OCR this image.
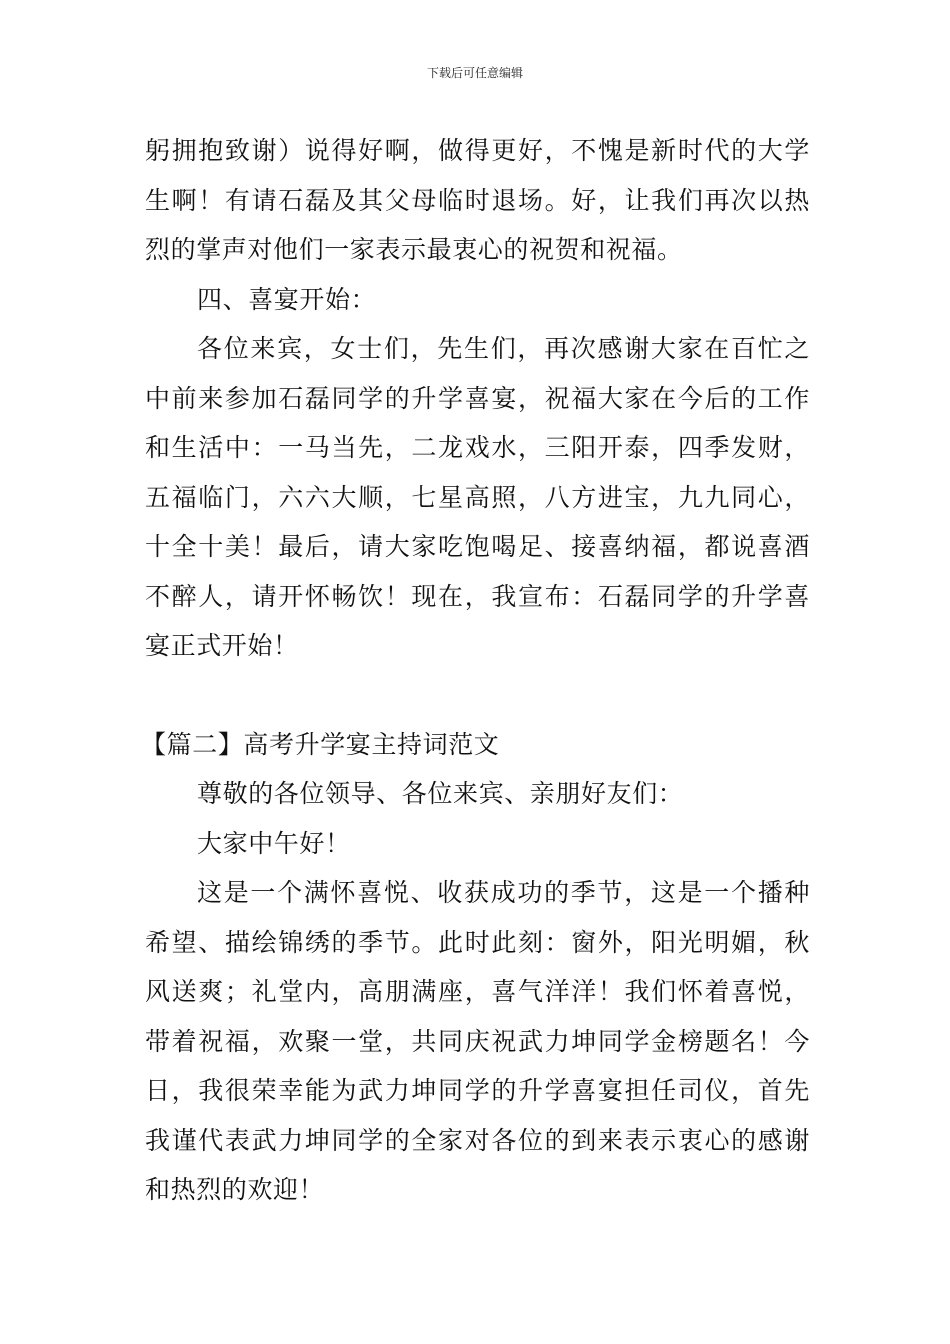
下载后可任意编辑

躬拥抱致谢）说得好啊，做得更好，不愧是新时代的大学生啊！有请石磊及其父母临时退场。好，让我们再次以热烈的掌声对他们一家表示最衷心的祝贺和祝福。

四、喜宴开始：

各位来宾，女士们，先生们，再次感谢大家在百忙之中前来参加石磊同学的升学喜宴，祝福大家在今后的工作和生活中：一马当先，二龙戏水，三阳开泰，四季发财，五福临门，六六大顺，七星高照，八方进宝，九九同心，十全十美！最后，请大家吃饱喝足、接喜纳福，都说喜酒不醉人，请开怀畅饮！现在，我宣布：石磊同学的升学喜宴正式开始！

【篇二】高考升学宴主持词范文

尊敬的各位领导、各位来宾、亲朋好友们：

大家中午好！

这是一个满怀喜悦、收获成功的季节，这是一个播种希望、描绘锦绣的季节。此时此刻：窗外，阳光明媚，秋风送爽；礼堂内，高朋满座，喜气洋洋！我们怀着喜悦，带着祝福，欢聚一堂，共同庆祝武力坤同学金榜题名！今日，我很荣幸能为武力坤同学的升学喜宴担任司仪，首先我谨代表武力坤同学的全家对各位的到来表示衷心的感谢和热烈的欢迎！
